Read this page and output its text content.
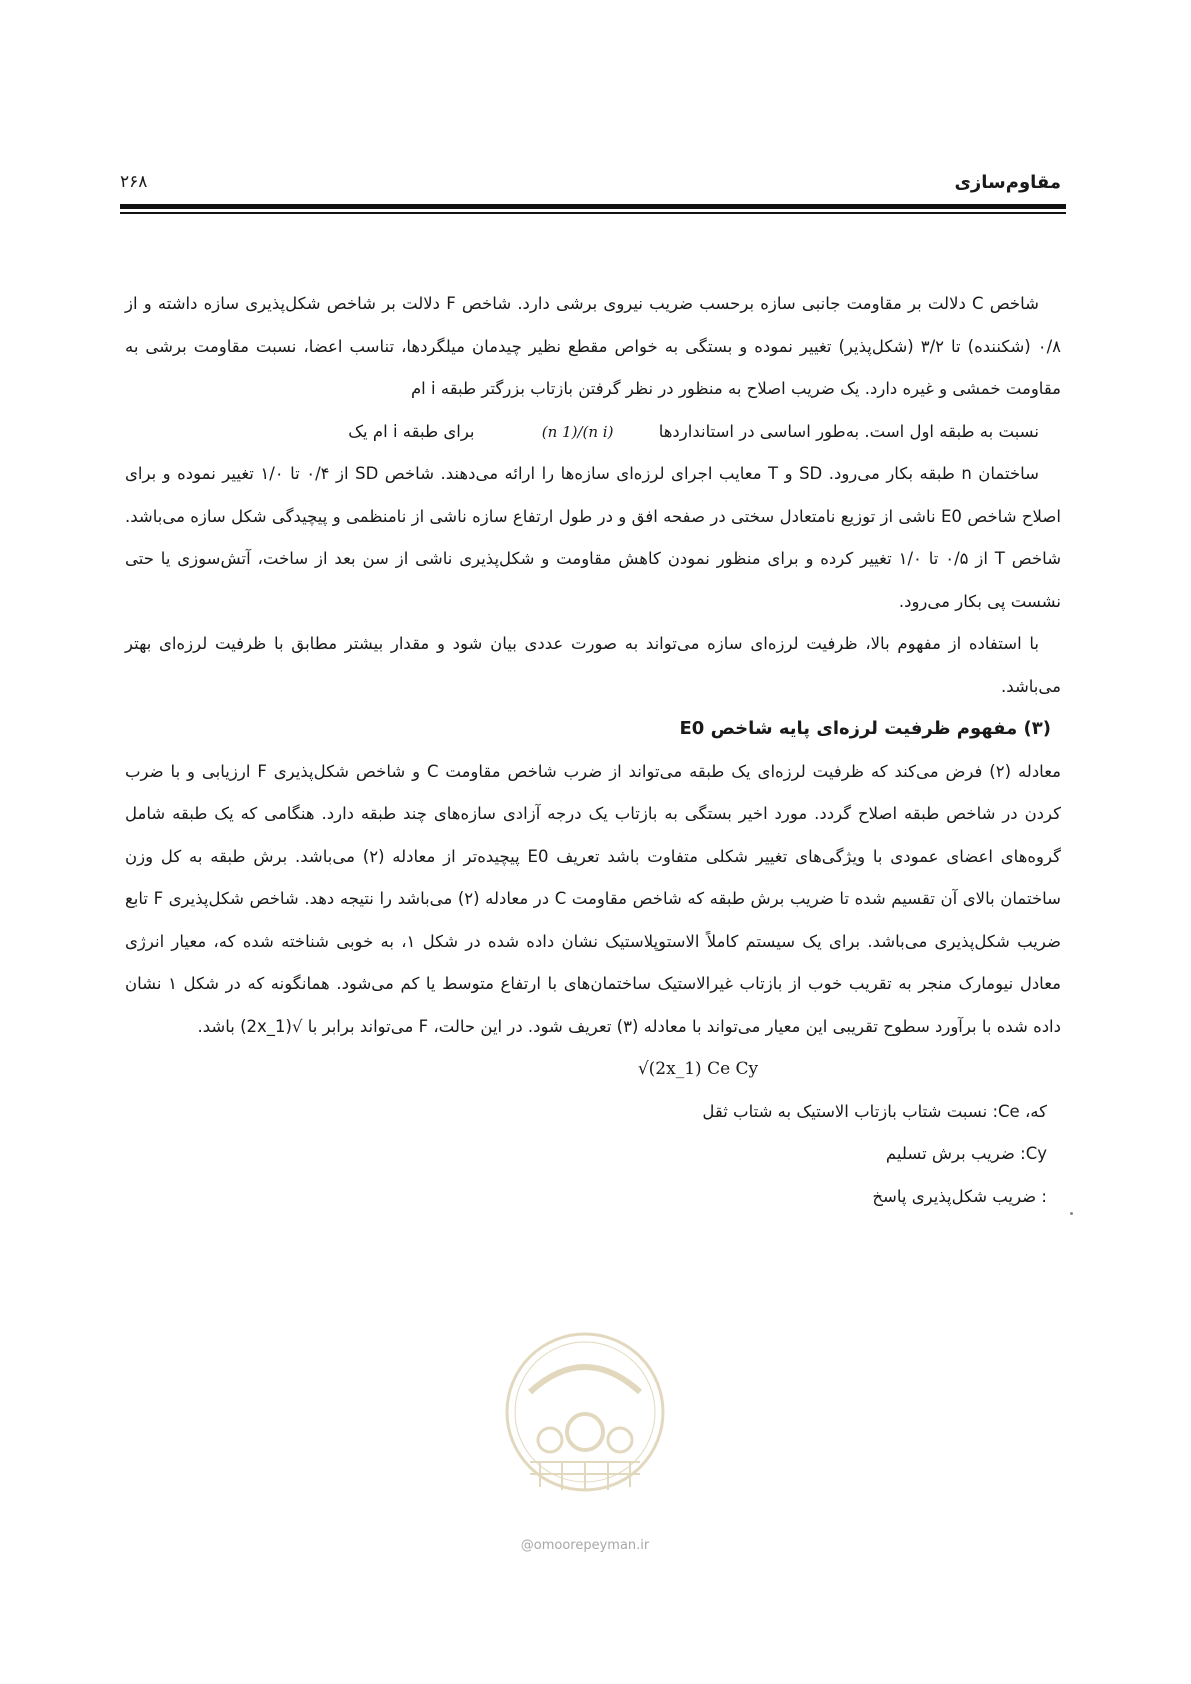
مقاوم‌سازی
۲۶۸

شاخص C دلالت بر مقاومت جانبی سازه برحسب ضریب نیروی برشی دارد. شاخص F دلالت بر شاخص شکل‌پذیری سازه داشته و از ۰/۸ (شکننده) تا ۳/۲ (شکل‌پذیر) تغییر نموده و بستگی به خواص مقطع نظیر چیدمان میلگردها، تناسب اعضا، نسبت مقاومت برشی به مقاومت خمشی و غیره دارد. یک ضریب اصلاح به منظور در نظر گرفتن بازتاب بزرگتر طبقه i ام

نسبت به طبقه اول است. به‌طور اساسی در استانداردها (n 1)/(n i) برای طبقه i ام یک

ساختمان n طبقه بکار می‌رود. SD و T معایب اجرای لرزه‌ای سازه‌ها را ارائه می‌دهند. شاخص SD از ۰/۴ تا ۱/۰ تغییر نموده و برای اصلاح شاخص E0 ناشی از توزیع نامتعادل سختی در صفحه افق و در طول ارتفاع سازه ناشی از نامنظمی و پیچیدگی شکل سازه می‌باشد. شاخص T از ۰/۵ تا ۱/۰ تغییر کرده و برای منظور نمودن کاهش مقاومت و شکل‌پذیری ناشی از سن بعد از ساخت، آتش‌سوزی یا حتی نشست پی بکار می‌رود.

با استفاده از مفهوم بالا، ظرفیت لرزه‌ای سازه می‌تواند به صورت عددی بیان شود و مقدار بیشتر مطابق با ظرفیت لرزه‌ای بهتر می‌باشد.

(۳) مفهوم ظرفیت لرزه‌ای پایه شاخص E0

معادله (۲) فرض می‌کند که ظرفیت لرزه‌ای یک طبقه می‌تواند از ضرب شاخص مقاومت C و شاخص شکل‌پذیری F ارزیابی و با ضرب کردن در شاخص طبقه اصلاح گردد. مورد اخیر بستگی به بازتاب یک درجه آزادی سازه‌های چند طبقه دارد. هنگامی که یک طبقه شامل گروه‌های اعضای عمودی با ویژگی‌های تغییر شکلی متفاوت باشد تعریف E0 پیچیده‌تر از معادله (۲) می‌باشد. برش طبقه به کل وزن ساختمان بالای آن تقسیم شده تا ضریب برش طبقه که شاخص مقاومت C در معادله (۲) می‌باشد را نتیجه دهد. شاخص شکل‌پذیری F تابع ضریب شکل‌پذیری می‌باشد. برای یک سیستم کاملاً الاستوپلاستیک نشان داده شده در شکل ۱، به خوبی شناخته شده که، معیار انرژی معادل نیومارک منجر به تقریب خوب از بازتاب غیرالاستیک ساختمان‌های با ارتفاع متوسط یا کم می‌شود. همانگونه که در شکل ۱ نشان داده شده با برآورد سطوح تقریبی این معیار می‌تواند با معادله (۳) تعریف شود. در این حالت، F می‌تواند برابر با √(2x_1) باشد.

√(2x_1) Ce Cy

که، Ce: نسبت شتاب بازتاب الاستیک به شتاب ثقل

Cy: ضریب برش تسلیم

: ضریب شکل‌پذیری پاسخ

@omoorepeyman.ir
